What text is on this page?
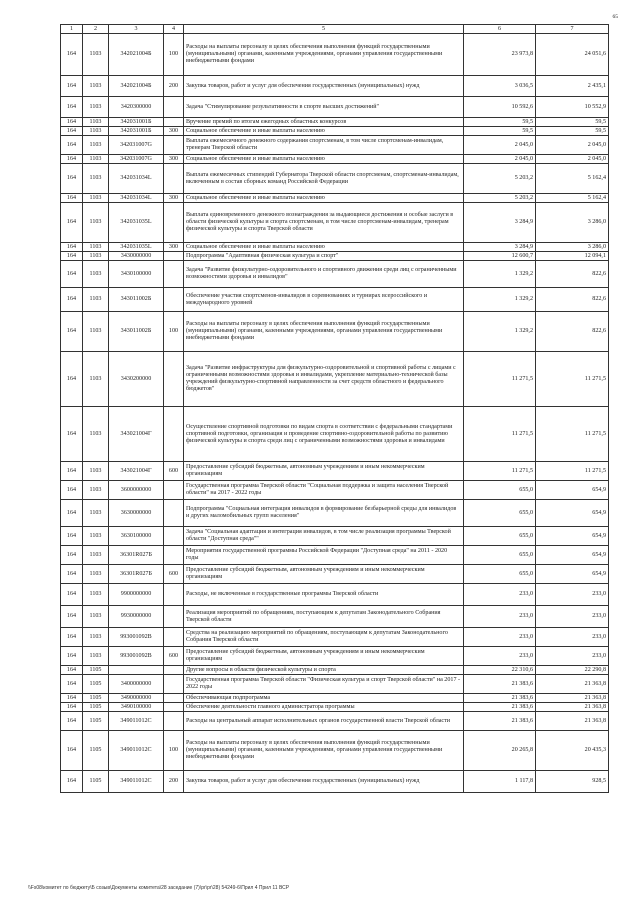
65
1	2	3	4	5	6	7
164	1103	342021004Б	100	Расходы на выплаты персоналу в целях обеспечения выполнения функций государственными (муниципальными) органами, казенными учреждениями, органами управления государственными внебюджетными фондами	23 973,8	24 051,6
164	1103	342021004Б	200	Закупка товаров, работ и услуг для обеспечения государственных (муниципальных) нужд	3 036,5	2 435,1
164	1103	3420300000		Задача "Стимулирование результативности в спорте высших достижений"	10 592,6	10 552,9
164	1103	342031001Б		Вручение премий по итогам ежегодных областных конкурсов	59,5	59,5
164	1103	342031001Б	300	Социальное обеспечение и иные выплаты населению	59,5	59,5
164	1103	342031007G		Выплата ежемесячного денежного содержания спортсменам, в том числе спортсменам-инвалидам, тренерам Тверской области	2 045,0	2 045,0
164	1103	342031007G	300	Социальное обеспечение и иные выплаты населению	2 045,0	2 045,0
164	1103	342031034L		Выплата ежемесячных стипендий Губернатора Тверской области спортсменам, спортсменам-инвалидам, включенным в состав сборных команд Российской Федерации	5 203,2	5 162,4
164	1103	342031034L	300	Социальное обеспечение и иные выплаты населению	5 203,2	5 162,4
164	1103	342031035L		Выплата единовременного денежного вознаграждения за выдающиеся достижения и особые заслуги в области физической культуры и спорта спортсменам, в том числе спортсменам-инвалидам, тренерам физической культуры и спорта Тверской области	3 284,9	3 286,0
164	1103	342031035L	300	Социальное обеспечение и иные выплаты населению	3 284,9	3 286,0
164	1103	3430000000		Подпрограмма "Адаптивная физическая культура и спорт"	12 600,7	12 094,1
164	1103	3430100000		Задача "Развитие физкультурно-оздоровительного и спортивного движения среди лиц с ограниченными возможностями здоровья и инвалидов"	1 329,2	822,6
164	1103	343011002Б		Обеспечение участия спортсменов-инвалидов в соревнованиях и турнирах всероссийского и международного уровней	1 329,2	822,6
164	1103	343011002Б	100	Расходы на выплаты персоналу в целях обеспечения выполнения функций государственными (муниципальными) органами, казенными учреждениями, органами управления государственными внебюджетными фондами	1 329,2	822,6
164	1103	3430200000		Задача "Развитие инфраструктуры для физкультурно-оздоровительной и спортивной работы с лицами с ограниченными возможностями здоровья и инвалидами, укрепление материально-технической базы учреждений физкультурно-спортивной направленности за счет средств областного и федерального бюджетов"	11 271,5	11 271,5
164	1103	343021004Г		Осуществление спортивной подготовки по видам спорта в соответствии с федеральными стандартами спортивной подготовки, организация и проведение спортивно-оздоровительной работы по развитию физической культуры и спорта среди лиц с ограниченными возможностями здоровья и инвалидами	11 271,5	11 271,5
164	1103	343021004Г	600	Предоставление субсидий бюджетным, автономным учреждениям и иным некоммерческим организациям	11 271,5	11 271,5
164	1103	3600000000		Государственная программа Тверской области "Социальная поддержка и защита населения Тверской области" на 2017 - 2022 годы	655,0	654,9
164	1103	3630000000		Подпрограмма "Социальная интеграция инвалидов в формирование безбарьерной среды для инвалидов и других маломобильных групп населения"	655,0	654,9
164	1103	3630100000		Задача "Социальная адаптация и интеграция инвалидов, в том числе реализация программы Тверской области "Доступная среда""	655,0	654,9
164	1103	36301R027Б		Мероприятия государственной программы Российской Федерации "Доступная среда" на 2011 - 2020 годы	655,0	654,9
164	1103	36301R027Б	600	Предоставление субсидий бюджетным, автономным учреждениям и иным некоммерческим организациям	655,0	654,9
164	1103	9900000000		Расходы, не включенные в государственные программы Тверской области	233,0	233,0
164	1103	9930000000		Реализация мероприятий по обращениям, поступающим к депутатам Законодательного Собрания Тверской области	233,0	233,0
164	1103	993001092В		Средства на реализацию мероприятий по обращениям, поступающим к депутатам Законодательного Собрания Тверской области	233,0	233,0
164	1103	993001092В	600	Предоставление субсидий бюджетным, автономным учреждениям и иным некоммерческим организациям	233,0	233,0
164	1105			Другие вопросы в области физической культуры и спорта	22 310,6	22 290,8
164	1105	3400000000		Государственная программа Тверской области "Физическая культура и спорт Тверской области" на 2017 - 2022 годы	21 383,6	21 363,8
164	1105	3490000000		Обеспечивающая подпрограмма	21 383,6	21 363,8
164	1105	3490100000		Обеспечение деятельности главного администратора программы	21 383,6	21 363,8
164	1105	349011012С		Расходы на центральный аппарат исполнительных органов государственной власти Тверской области	21 383,6	21 363,8
164	1105	349011012С	100	Расходы на выплаты персоналу в целях обеспечения выполнения функций государственными (муниципальными) органами, казенными учреждениями, органами управления государственными внебюджетными фондами	20 265,8	20 435,3
164	1105	349011012С	200	Закупка товаров, работ и услуг для обеспечения государственных (муниципальных) нужд	1 117,8	928,5
\\Fs08\комитет по бюджету\Б созыв\Документы комитета\28 заседание (7)\pr\pr\28) 54249-6\Прил 4 Прил 11 ВСР
